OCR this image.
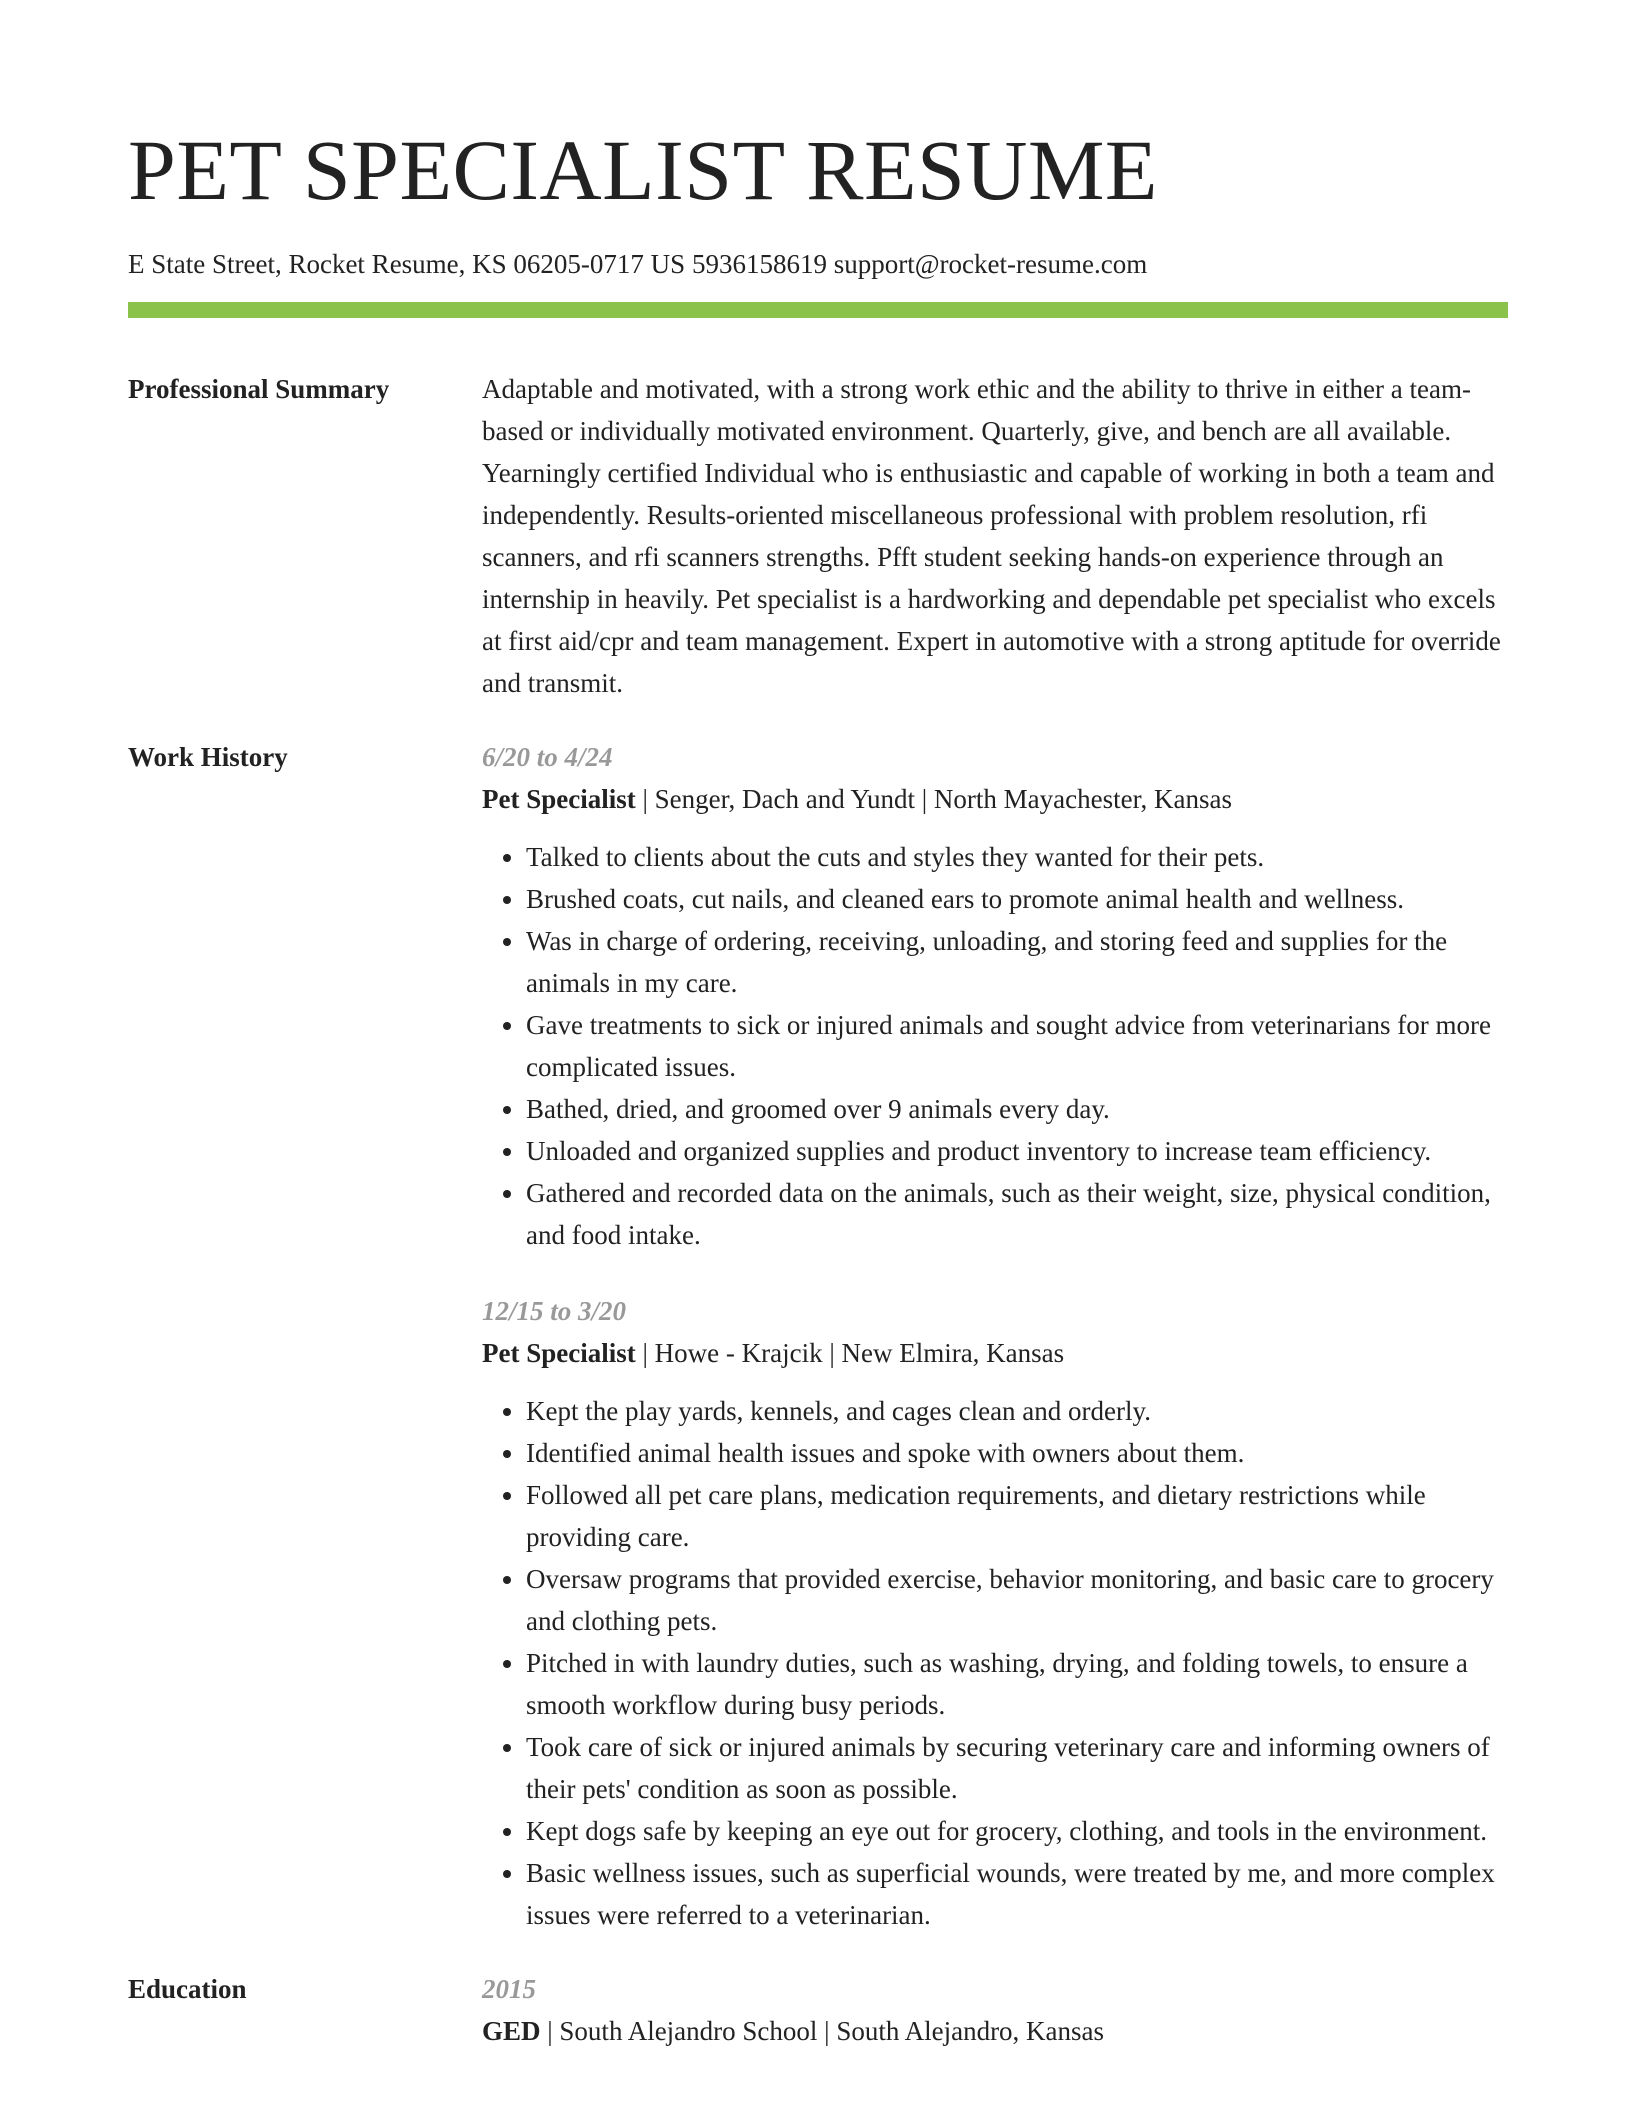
PET SPECIALIST RESUME
E State Street, Rocket Resume, KS 06205-0717 US 5936158619 support@rocket-resume.com
Professional Summary	Adaptable and motivated, with a strong work ethic and the ability to thrive in either a team-based or individually motivated environment. Quarterly, give, and bench are all available. Yearningly certified Individual who is enthusiastic and capable of working in both a team and independently. Results-oriented miscellaneous professional with problem resolution, rfi scanners, and rfi scanners strengths. Pfft student seeking hands-on experience through an internship in heavily. Pet specialist is a hardworking and dependable pet specialist who excels at first aid/cpr and team management. Expert in automotive with a strong aptitude for override and transmit.

Work History	6/20 to 4/24
Pet Specialist | Senger, Dach and Yundt | North Mayachester, Kansas
• Talked to clients about the cuts and styles they wanted for their pets.
• Brushed coats, cut nails, and cleaned ears to promote animal health and wellness.
• Was in charge of ordering, receiving, unloading, and storing feed and supplies for the animals in my care.
• Gave treatments to sick or injured animals and sought advice from veterinarians for more complicated issues.
• Bathed, dried, and groomed over 9 animals every day.
• Unloaded and organized supplies and product inventory to increase team efficiency.
• Gathered and recorded data on the animals, such as their weight, size, physical condition, and food intake.
12/15 to 3/20
Pet Specialist | Howe - Krajcik | New Elmira, Kansas
• Kept the play yards, kennels, and cages clean and orderly.
• Identified animal health issues and spoke with owners about them.
• Followed all pet care plans, medication requirements, and dietary restrictions while providing care.
• Oversaw programs that provided exercise, behavior monitoring, and basic care to grocery and clothing pets.
• Pitched in with laundry duties, such as washing, drying, and folding towels, to ensure a smooth workflow during busy periods.
• Took care of sick or injured animals by securing veterinary care and informing owners of their pets' condition as soon as possible.
• Kept dogs safe by keeping an eye out for grocery, clothing, and tools in the environment.
• Basic wellness issues, such as superficial wounds, were treated by me, and more complex issues were referred to a veterinarian.
Education	2015
GED | South Alejandro School | South Alejandro, Kansas
